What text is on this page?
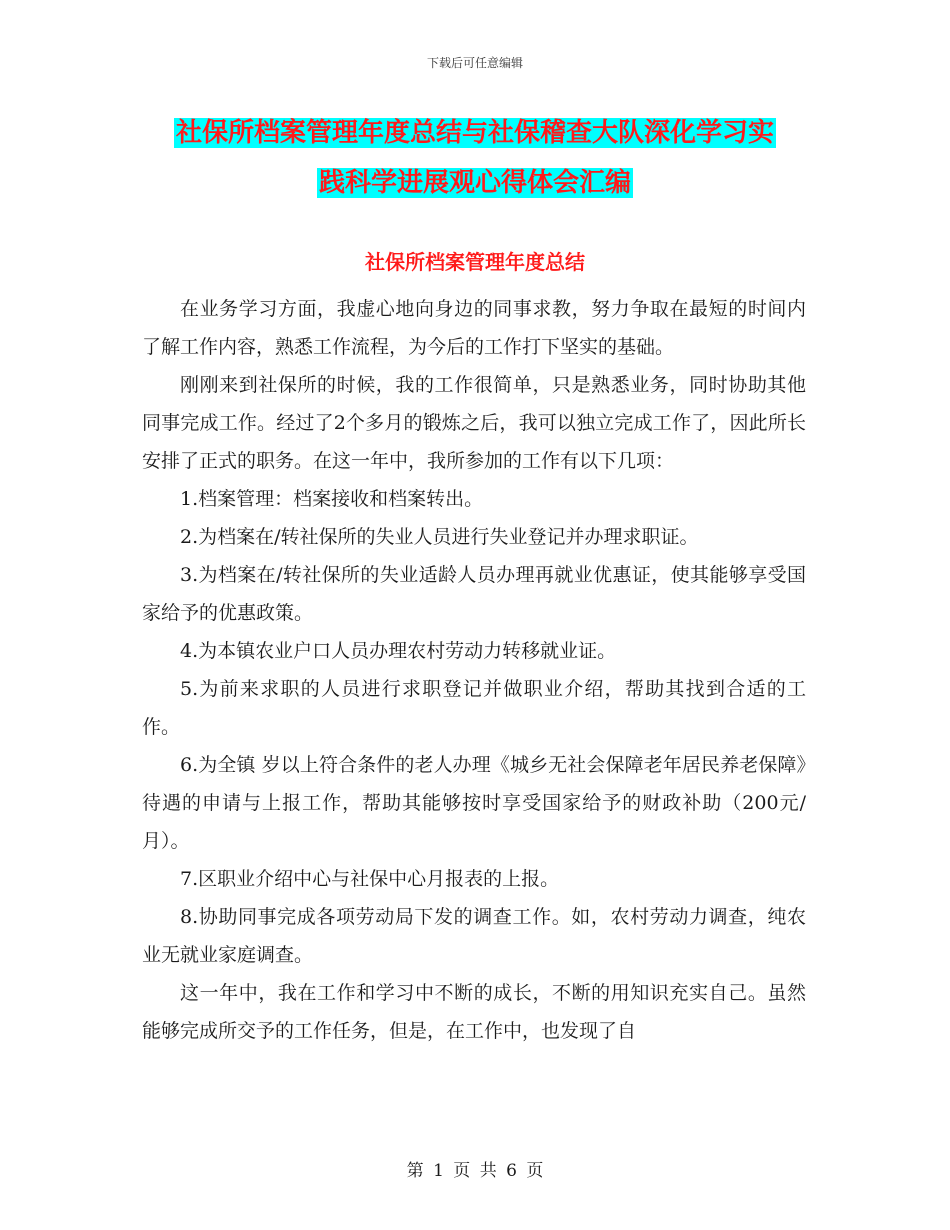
下载后可任意编辑
社保所档案管理年度总结与社保稽查大队深化学习实
践科学进展观心得体会汇编
社保所档案管理年度总结

在业务学习方面，我虚心地向身边的同事求教，努力争取在最短的时间内了解工作内容，熟悉工作流程，为今后的工作打下坚实的基础。

刚刚来到社保所的时候，我的工作很简单，只是熟悉业务，同时协助其他同事完成工作。经过了2个多月的锻炼之后，我可以独立完成工作了，因此所长安排了正式的职务。在这一年中，我所参加的工作有以下几项：

1.档案管理：档案接收和档案转出。

2.为档案在/转社保所的失业人员进行失业登记并办理求职证。

3.为档案在/转社保所的失业适龄人员办理再就业优惠证，使其能够享受国家给予的优惠政策。

4.为本镇农业户口人员办理农村劳动力转移就业证。

5.为前来求职的人员进行求职登记并做职业介绍，帮助其找到合适的工作。

6.为全镇 岁以上符合条件的老人办理《城乡无社会保障老年居民养老保障》待遇的申请与上报工作，帮助其能够按时享受国家给予的财政补助（200元/月）。

7.区职业介绍中心与社保中心月报表的上报。

8.协助同事完成各项劳动局下发的调查工作。如，农村劳动力调查，纯农业无就业家庭调查。

这一年中，我在工作和学习中不断的成长，不断的用知识充实自己。虽然能够完成所交予的工作任务，但是，在工作中，也发现了自

第 1 页 共 6 页
